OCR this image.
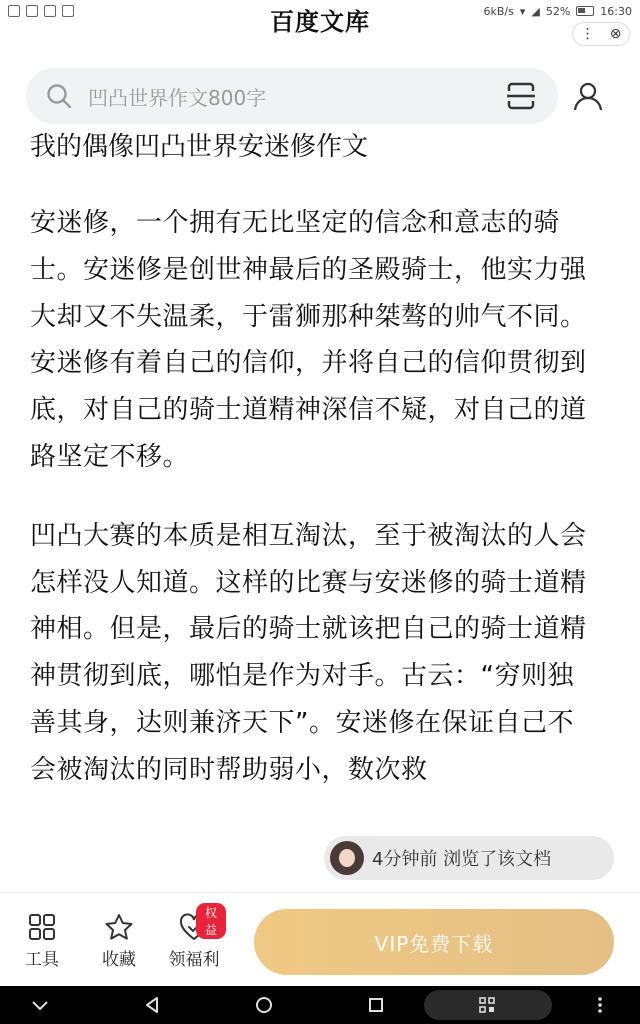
6kB/s ▾ ◢ 52%	16:30
百度文库	⋮ ⊗
凹凸世界作文800字
我的偶像凹凸世界安迷修作文

安迷修，一个拥有无比坚定的信念和意志的骑士。安迷修是创世神最后的圣殿骑士，他实力强大却又不失温柔，于雷狮那种桀骜的帅气不同。安迷修有着自己的信仰，并将自己的信仰贯彻到底，对自己的骑士道精神深信不疑，对自己的道路坚定不移。

凹凸大赛的本质是相互淘汰，至于被淘汰的人会怎样没人知道。这样的比赛与安迷修的骑士道精神相。但是，最后的骑士就该把自己的骑士道精神贯彻到底，哪怕是作为对手。古云：“穷则独善其身，达则兼济天下”。安迷修在保证自己不会被淘汰的同时帮助弱小，数次救

4分钟前 浏览了该文档
工具	收藏
权益
领福利
VIP免费下载
